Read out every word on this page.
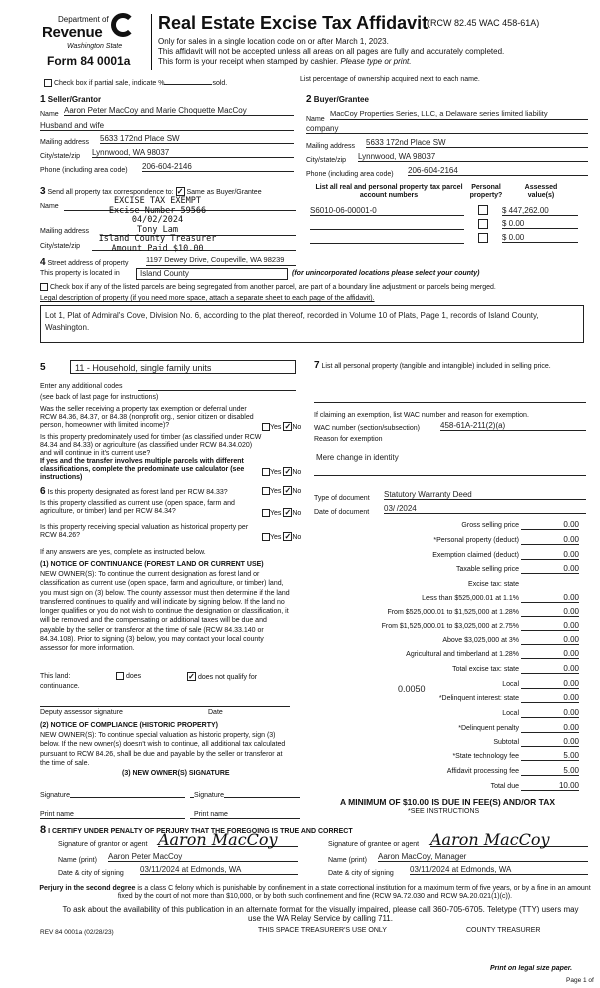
Department of
Revenue
Washington State
Form 84 0001a
Real Estate Excise Tax Affidavit
(RCW 82.45 WAC 458-61A)
Only for sales in a single location code on or after March 1, 2023.
This affidavit will not be accepted unless all areas on all pages are fully and accurately completed.
This form is your receipt when stamped by cashier. Please type or print.
Check box if partial sale, indicate %	sold.
List percentage of ownership acquired next to each name.
1 Seller/Grantor
Name Aaron Peter MacCoy and Marie Choquette MacCoy
Husband and wife
Mailing address 5633 172nd Place SW
City/state/zip Lynnwood, WA 98037
Phone (including area code) 206-604-2146
2 Buyer/Grantee
Name
MacCoy Properties Series, LLC, a Delaware series limited liability
company
Mailing address 5633 172nd Place SW
City/state/zip Lynnwood, WA 98037
Phone (including area code) 206-604-2164
3 Send all property tax correspondence to: ✓ Same as Buyer/Grantee
Name
Mailing address
City/state/zip
EXCISE TAX EXEMPT
Excise Number 59566
04/02/2024
Tony Lam
Island County Treasurer
Amount Paid $10.00
List all real and personal property tax parcel account numbers
Personal property?
Assessed value(s)
S6010-06-00001-0	$ 447,262.00
$ 0.00
$ 0.00
4 Street address of property 1197 Dewey Drive, Coupeville, WA 98239
This property is located in	Island County	(for unincorporated locations please select your county)
Check box if any of the listed parcels are being segregated from another parcel, are part of a boundary line adjustment or parcels being merged.
Legal description of property (if you need more space, attach a separate sheet to each page of the affidavit).
Lot 1, Plat of Admiral's Cove, Division No. 6, according to the plat thereof, recorded in Volume 10 of Plats, Page 1, records of Island County, Washington.
5	11 - Household, single family units
Enter any additional codes
(see back of last page for instructions)
Was the seller receiving a property tax exemption or deferral under RCW 84.36, 84.37, or 84.38 (nonprofit org., senior citizen or disabled person, homeowner with limited income)?	Yes ✓No
Is this property predominately used for timber (as classified under RCW 84.34 and 84.33) or agriculture (as classified under RCW 84.34.020) and will continue in it's current use?
If yes and the transfer involves multiple parcels with different classifications, complete the predominate use calculator (see instructions)
Yes ✓No
6 Is this property designated as forest land per RCW 84.33?	Yes ✓No
Is this property classified as current use (open space, farm and agriculture, or timber) land per RCW 84.34?	Yes ✓No
Is this property receiving special valuation as historical property per RCW 84.26?	Yes ✓No
If any answers are yes, complete as instructed below.
(1) NOTICE OF CONTINUANCE (FOREST LAND OR CURRENT USE)
NEW OWNER(S): To continue the current designation as forest land or classification as current use (open space, farm and agriculture, or timber) land, you must sign on (3) below. The county assessor must then determine if the land transferred continues to qualify and will indicate by signing below. If the land no longer qualifies or you do not wish to continue the designation or classification, it will be removed and the compensating or additional taxes will be due and payable by the seller or transferor at the time of sale (RCW 84.33.140 or 84.34.108). Prior to signing (3) below, you may contact your local county assessor for more information.
This land:	does	✓ does not qualify for
continuance.
Deputy assessor signature	Date
(2) NOTICE OF COMPLIANCE (HISTORIC PROPERTY)
NEW OWNER(S): To continue special valuation as historic property, sign (3) below. If the new owner(s) doesn't wish to continue, all additional tax calculated pursuant to RCW 84.26, shall be due and payable by the seller or transferor at the time of sale.
(3) NEW OWNER(S) SIGNATURE
Signature	Signature
Print name	Print name
7 List all personal property (tangible and intangible) included in selling price.
If claiming an exemption, list WAC number and reason for exemption.
WAC number (section/subsection)	458-61A-211(2)(a)
Reason for exemption
Mere change in identity
Type of document Statutory Warranty Deed
Date of document 03/ /2024
Gross selling price	0.00
*Personal property (deduct)	0.00
Exemption claimed (deduct)	0.00
Taxable selling price	0.00
Excise tax: state
Less than $525,000.01 at 1.1%	0.00
From $525,000.01 to $1,525,000 at 1.28%	0.00
From $1,525,000.01 to $3,025,000 at 2.75%	0.00
Above $3,025,000 at 3%	0.00
Agricultural and timberland at 1.28%	0.00
Total excise tax: state	0.00
Local	0.00
*Delinquent interest: state	0.00
Local	0.00
*Delinquent penalty	0.00
Subtotal	0.00
*State technology fee	5.00
Affidavit processing fee	5.00
Total due	10.00
0.0050
A MINIMUM OF $10.00 IS DUE IN FEE(S) AND/OR TAX
*SEE INSTRUCTIONS
8 I CERTIFY UNDER PENALTY OF PERJURY THAT THE FOREGOING IS TRUE AND CORRECT
Signature of grantor or agent Aaron MacCoy	Signature of grantee or agent Aaron MacCoy
Name (print) Aaron Peter MacCoy	Name (print) Aaron MacCoy, Manager
Date & city of signing 03/11/2024 at Edmonds, WA	Date & city of signing 03/11/2024 at Edmonds, WA
Perjury in the second degree is a class C felony which is punishable by confinement in a state correctional institution for a maximum term of five years, or by a fine in an amount fixed by the court of not more than $10,000, or by both such confinement and fine (RCW 9A.72.030 and RCW 9A.20.021(1)(c)).
To ask about the availability of this publication in an alternate format for the visually impaired, please call 360-705-6705. Teletype (TTY) users may use the WA Relay Service by calling 711.
REV 84 0001a (02/28/23)	THIS SPACE TREASURER'S USE ONLY	COUNTY TREASURER
Print on legal size paper.
Page 1 of
